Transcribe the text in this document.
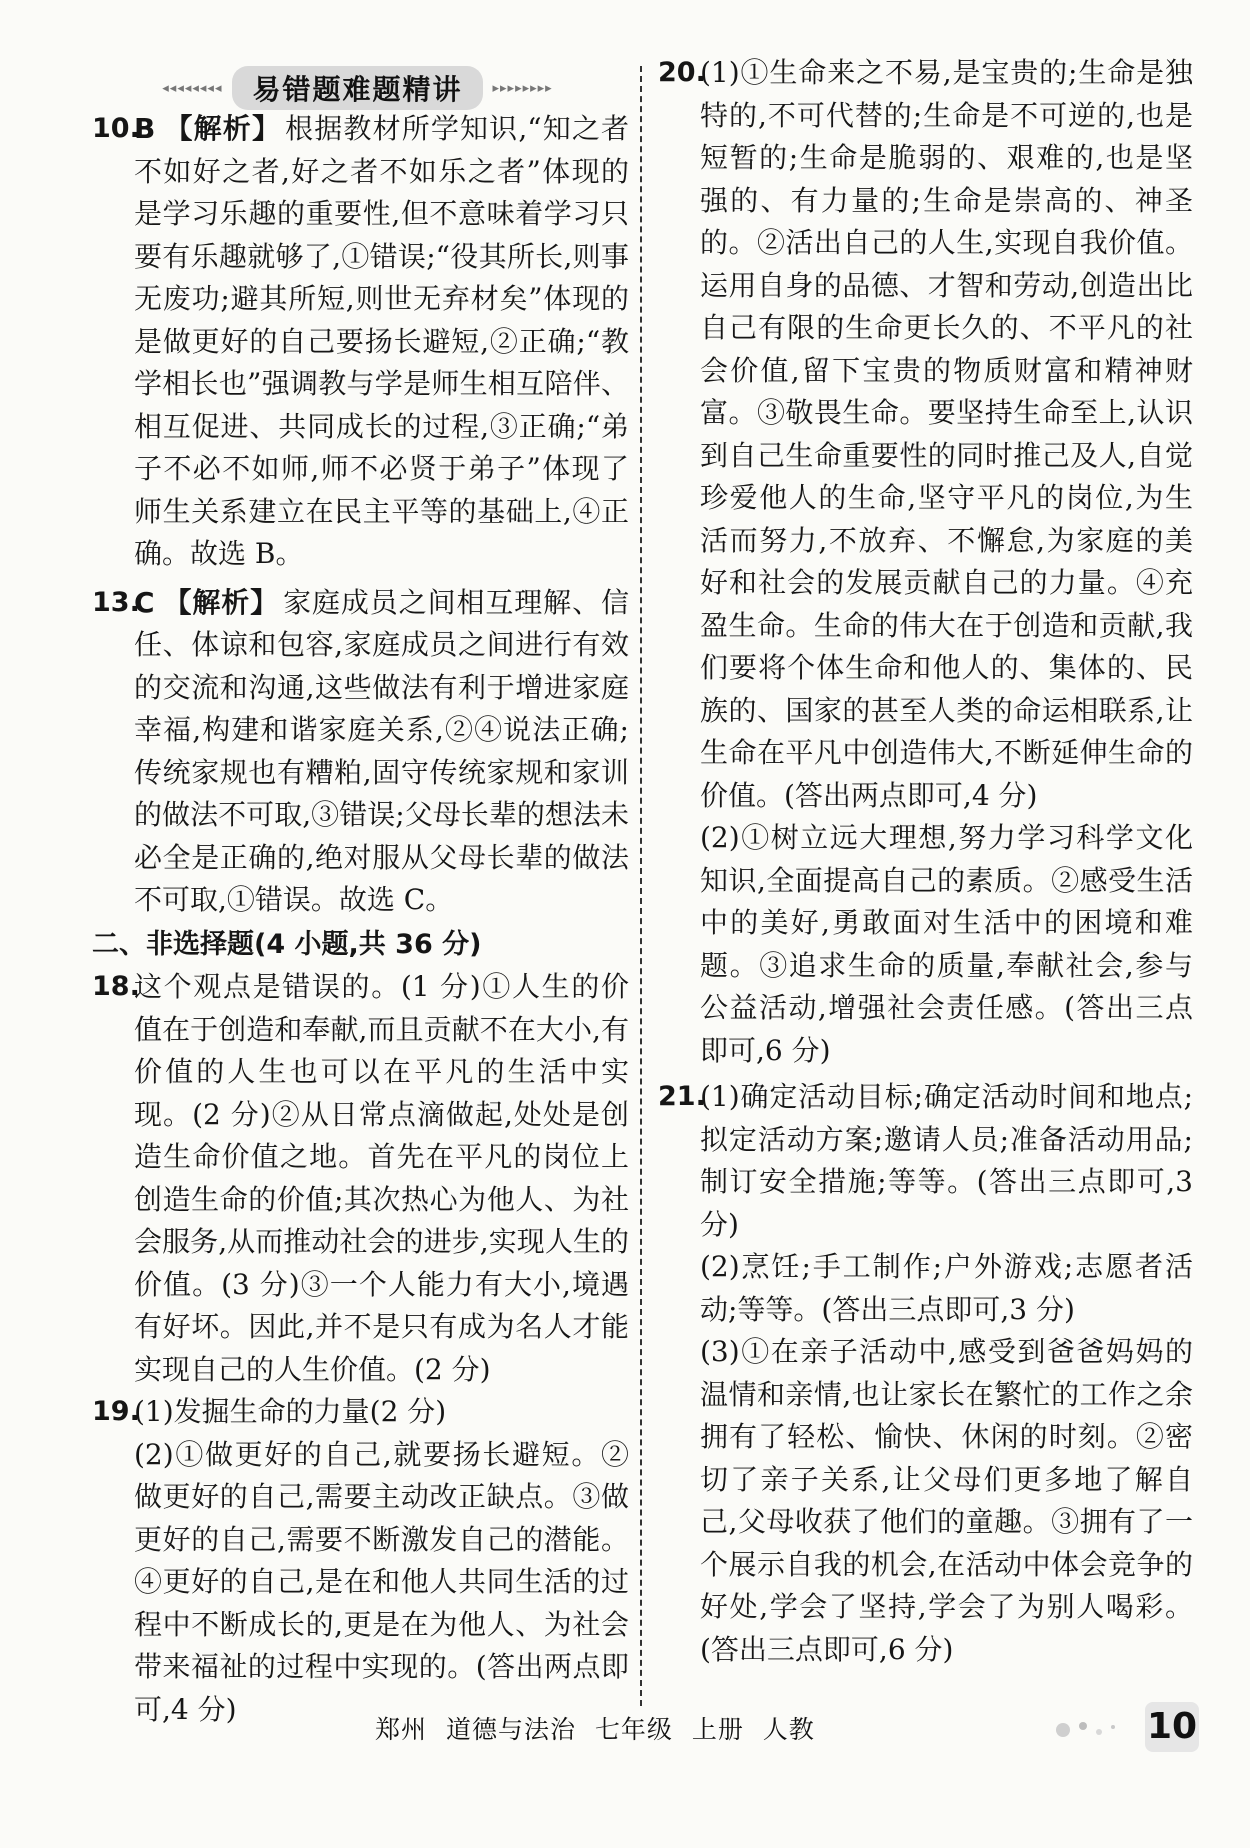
◂◂◂◂◂◂◂◂	易错题难题精讲	▸▸▸▸▸▸▸▸
10.
B 【解析】 根据教材所学知识,“知之者不如好之者,好之者不如乐之者”体现的是学习乐趣的重要性,但不意味着学习只要有乐趣就够了,①错误;“役其所长,则事无废功;避其所短,则世无弃材矣”体现的是做更好的自己要扬长避短,②正确;“教学相长也”强调教与学是师生相互陪伴、相互促进、共同成长的过程,③正确;“弟子不必不如师,师不必贤于弟子”体现了师生关系建立在民主平等的基础上,④正确。故选 B。
13.
C 【解析】 家庭成员之间相互理解、信任、体谅和包容,家庭成员之间进行有效的交流和沟通,这些做法有利于增进家庭幸福,构建和谐家庭关系,②④说法正确;传统家规也有糟粕,固守传统家规和家训的做法不可取,③错误;父母长辈的想法未必全是正确的,绝对服从父母长辈的做法不可取,①错误。故选 C。

二、非选择题(4 小题,共 36 分)

18.
这个观点是错误的。(1 分)①人生的价值在于创造和奉献,而且贡献不在大小,有价值的人生也可以在平凡的生活中实现。(2 分)②从日常点滴做起,处处是创造生命价值之地。首先在平凡的岗位上创造生命的价值;其次热心为他人、为社会服务,从而推动社会的进步,实现人生的价值。(3 分)③一个人能力有大小,境遇有好坏。因此,并不是只有成为名人才能实现自己的人生价值。(2 分)
19.

(1)发掘生命的力量(2 分)

(2)①做更好的自己,就要扬长避短。②做更好的自己,需要主动改正缺点。③做更好的自己,需要不断激发自己的潜能。④更好的自己,是在和他人共同生活的过程中不断成长的,更是在为他人、为社会带来福祉的过程中实现的。(答出两点即可,4 分)

20.

(1)①生命来之不易,是宝贵的;生命是独特的,不可代替的;生命是不可逆的,也是短暂的;生命是脆弱的、艰难的,也是坚强的、有力量的;生命是崇高的、神圣的。②活出自己的人生,实现自我价值。运用自身的品德、才智和劳动,创造出比自己有限的生命更长久的、不平凡的社会价值,留下宝贵的物质财富和精神财富。③敬畏生命。要坚持生命至上,认识到自己生命重要性的同时推己及人,自觉珍爱他人的生命,坚守平凡的岗位,为生活而努力,不放弃、不懈怠,为家庭的美好和社会的发展贡献自己的力量。④充盈生命。生命的伟大在于创造和贡献,我们要将个体生命和他人的、集体的、民族的、国家的甚至人类的命运相联系,让生命在平凡中创造伟大,不断延伸生命的价值。(答出两点即可,4 分)

(2)①树立远大理想,努力学习科学文化知识,全面提高自己的素质。②感受生活中的美好,勇敢面对生活中的困境和难题。③追求生命的质量,奉献社会,参与公益活动,增强社会责任感。(答出三点即可,6 分)

21.

(1)确定活动目标;确定活动时间和地点;拟定活动方案;邀请人员;准备活动用品;制订安全措施;等等。(答出三点即可,3 分)

(2)烹饪;手工制作;户外游戏;志愿者活动;等等。(答出三点即可,3 分)

(3)①在亲子活动中,感受到爸爸妈妈的温情和亲情,也让家长在繁忙的工作之余拥有了轻松、愉快、休闲的时刻。②密切了亲子关系,让父母们更多地了解自己,父母收获了他们的童趣。③拥有了一个展示自我的机会,在活动中体会竞争的好处,学会了坚持,学会了为别人喝彩。(答出三点即可,6 分)

郑州 道德与法治 七年级 上册 人教	10
